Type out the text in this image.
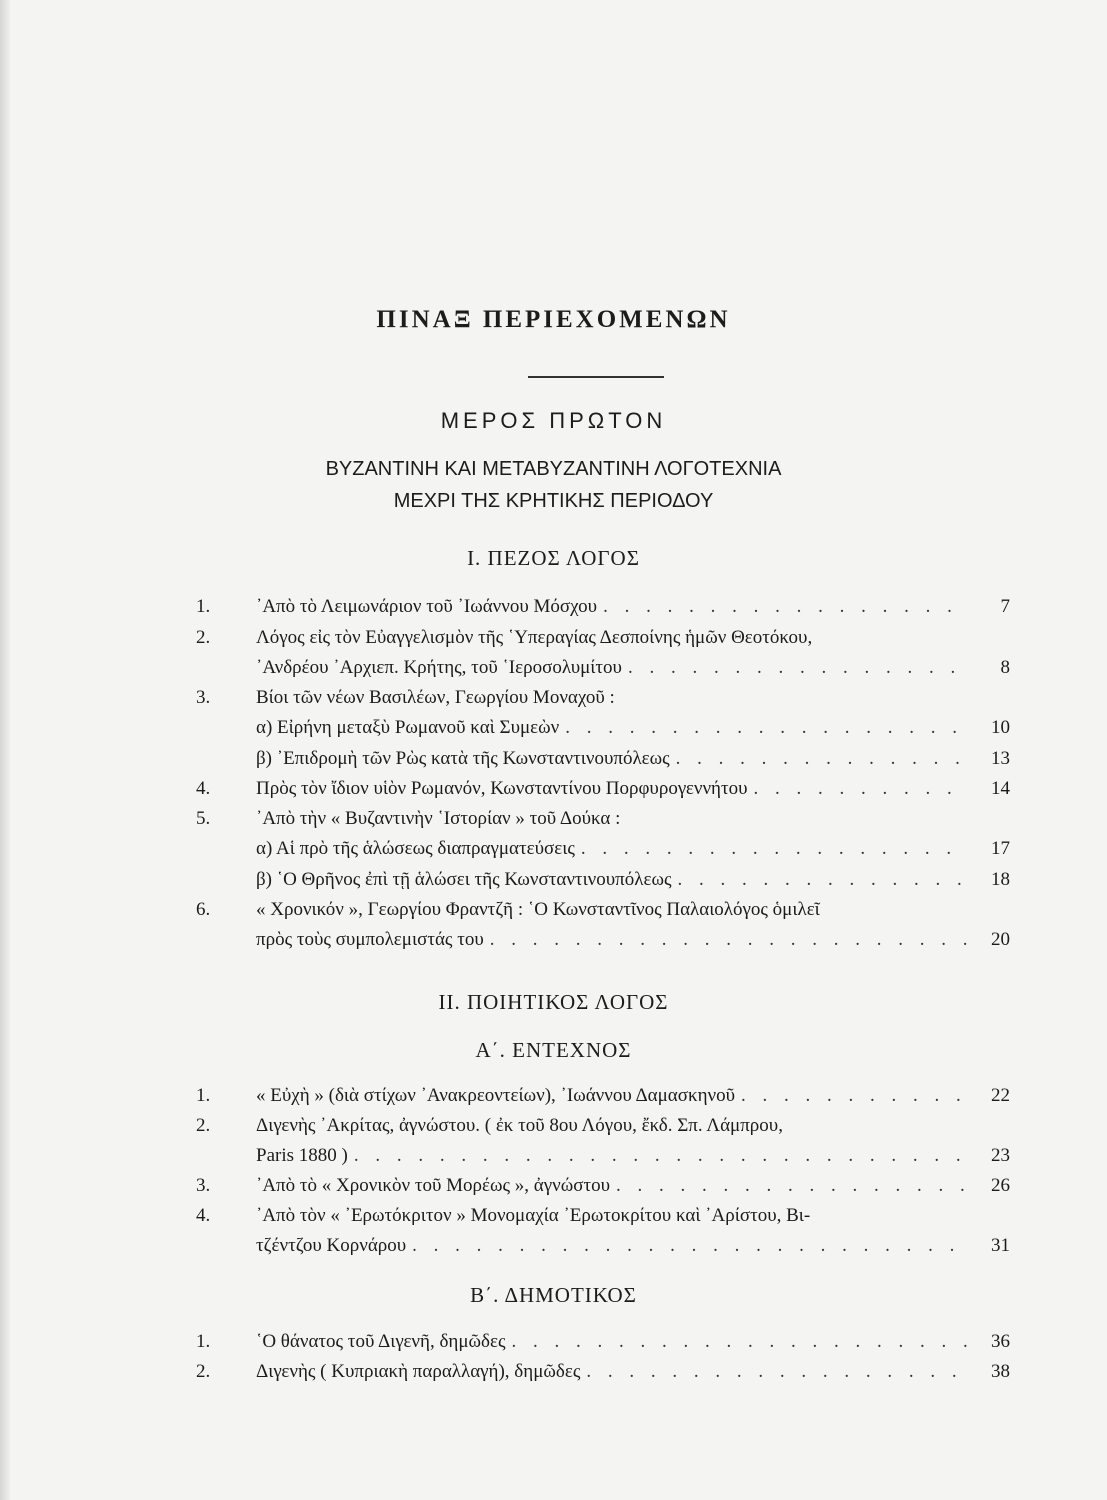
ΠΙΝΑΞ ΠΕΡΙΕΧΟΜΕΝΩΝ
ΜΕΡΟΣ ΠΡΩΤΟΝ
ΒΥΖΑΝΤΙΝΗ ΚΑΙ ΜΕΤΑΒΥΖΑΝΤΙΝΗ ΛΟΓΟΤΕΧΝΙΑ
ΜΕΧΡΙ ΤΗΣ ΚΡΗΤΙΚΗΣ ΠΕΡΙΟΔΟΥ
I. ΠΕΖΟΣ ΛΟΓΟΣ
1.	᾿Απὸ τὸ Λειμωνάριον τοῦ ᾿Ιωάννου Μόσχου . . .	7
2.	Λόγος εἰς τὸν Εὐαγγελισμὸν τῆς ῾Υπεραγίας Δεσποίνης ἡμῶν Θεοτόκου,
᾿Ανδρέου ᾿Αρχιεπ. Κρήτης, τοῦ ῾Ιεροσολυμίτου . . .	8
3.	Βίοι τῶν νέων Βασιλέων, Γεωργίου Μοναχοῦ :
α) Εἰρήνη μεταξὺ Ρωμανοῦ καὶ Συμεὼν . . .	10
β) ᾿Επιδρομὴ τῶν Ρὼς κατὰ τῆς Κωνσταντινουπόλεως . . .	13
4.	Πρὸς τὸν ἴδιον υἱὸν Ρωμανόν, Κωνσταντίνου Πορφυρογεννήτου . . .	14
5.	᾿Απὸ τὴν « Βυζαντινὴν ῾Ιστορίαν » τοῦ Δούκα :
α) Αἱ πρὸ τῆς ἁλώσεως διαπραγματεύσεις . . .	17
β) ῾Ο Θρῆνος ἐπὶ τῇ ἁλώσει τῆς Κωνσταντινουπόλεως . . .	18
6.	« Χρονικόν », Γεωργίου Φραντζῆ : ῾Ο Κωνσταντῖνος Παλαιολόγος ὁμιλεῖ
πρὸς τοὺς συμπολεμιστάς του . . .	20
II. ΠΟΙΗΤΙΚΟΣ ΛΟΓΟΣ
Α΄. ΕΝΤΕΧΝΟΣ
1.	« Εὐχὴ » (διὰ στίχων ᾿Ανακρεοντείων), ᾿Ιωάννου Δαμασκηνοῦ . . .	22
2.	Διγενὴς ᾿Ακρίτας, ἀγνώστου. ( ἐκ τοῦ 8ου Λόγου, ἔκδ. Σπ. Λάμπρου,
Paris 1880 ) . . .	23
3.	᾿Απὸ τὸ « Χρονικὸν τοῦ Μορέως », ἀγνώστου . . .	26
4.	᾿Απὸ τὸν « ᾿Ερωτόκριτον » Μονομαχία ᾿Ερωτοκρίτου καὶ ᾿Αρίστου, Βι-
τζέντζου Κορνάρου . . .	31
Β΄. ΔΗΜΟΤΙΚΟΣ
1.	῾Ο θάνατος τοῦ Διγενῆ, δημῶδες . . .	36
2.	Διγενὴς ( Κυπριακὴ παραλλαγή), δημῶδες . . .	38
